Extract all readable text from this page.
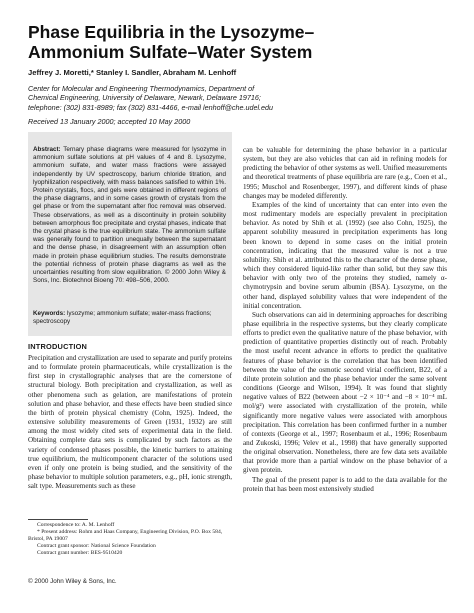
Phase Equilibria in the Lysozyme–
Ammonium Sulfate–Water System
Jeffrey J. Moretti,* Stanley I. Sandler, Abraham M. Lenhoff
Center for Molecular and Engineering Thermodynamics, Department of
Chemical Engineering, University of Delaware, Newark, Delaware 19716;
telephone: (302) 831-8989; fax (302) 831-4466, e-mail lenhoff@che.udel.edu
Received 13 January 2000; accepted 10 May 2000
Abstract: Ternary phase diagrams were measured for lysozyme in ammonium sulfate solutions at pH values of 4 and 8. Lysozyme, ammonium sulfate, and water mass fractions were assayed independently by UV spectroscopy, barium chloride titration, and lyophilization respectively, with mass balances satisfied to within 1%. Protein crystals, flocs, and gels were obtained in different regions of the phase diagrams, and in some cases growth of crystals from the gel phase or from the supernatant after floc removal was observed. These observations, as well as a discontinuity in protein solubility between amorphous floc precipitate and crystal phases, indicate that the crystal phase is the true equilibrium state. The ammonium sulfate was generally found to partition unequally between the supernatant and the dense phase, in disagreement with an assumption often made in protein phase equilibrium studies. The results demonstrate the potential richness of protein phase diagrams as well as the uncertainties resulting from slow equilibration. © 2000 John Wiley & Sons, Inc. Biotechnol Bioeng 70: 498–506, 2000.
Keywords: lysozyme; ammonium sulfate; water-mass fractions; spectroscopy
INTRODUCTION

Precipitation and crystallization are used to separate and purify proteins and to formulate protein pharmaceuticals, while crystallization is the first step in crystallographic analyses that are the cornerstone of structural biology. Both precipitation and crystallization, as well as other phenomena such as gelation, are manifestations of protein solution and phase behavior, and these effects have been studied since the birth of protein physical chemistry (Cohn, 1925). Indeed, the extensive solubility measurements of Green (1931, 1932) are still among the most widely cited sets of experimental data in the field. Obtaining complete data sets is complicated by such factors as the variety of condensed phases possible, the kinetic barriers to attaining true equilibrium, the multicomponent character of the solutions used even if only one protein is being studied, and the sensitivity of the phase behavior to multiple solution parameters, e.g., pH, ionic strength, salt type. Measurements such as these

Correspondence to: A. M. Lenhoff
* Present address: Rohm and Haas Company, Engineering Division, P.O. Box 584, Bristol, PA 19007
Contract grant sponsor: National Science Foundation
Contract grant number: BES-9510420
© 2000 John Wiley & Sons, Inc.

can be valuable for determining the phase behavior in a particular system, but they are also vehicles that can aid in refining models for predicting the behavior of other systems as well. Unified measurements and theoretical treatments of phase equilibria are rare (e.g., Coen et al., 1995; Muschol and Rosenberger, 1997), and different kinds of phase changes may be modeled differently.

Examples of the kind of uncertainty that can enter into even the most rudimentary models are especially prevalent in precipitation behavior. As noted by Shih et al. (1992) (see also Cohn, 1925), the apparent solubility measured in precipitation experiments has long been known to depend in some cases on the initial protein concentration, indicating that the measured value is not a true solubility. Shih et al. attributed this to the character of the dense phase, which they considered liquid-like rather than solid, but they saw this behavior with only two of the proteins they studied, namely α-chymotrypsin and bovine serum albumin (BSA). Lysozyme, on the other hand, displayed solubility values that were independent of the initial concentration.

Such observations can aid in determining approaches for describing phase equilibria in the respective systems, but they clearly complicate efforts to predict even the qualitative nature of the phase behavior, with prediction of quantitative properties distinctly out of reach. Probably the most useful recent advance in efforts to predict the qualitative features of phase behavior is the correlation that has been identified between the value of the osmotic second virial coefficient, B22, of a dilute protein solution and the phase behavior under the same solvent conditions (George and Wilson, 1994). It was found that slightly negative values of B22 (between about −2 × 10⁻⁴ and −8 × 10⁻⁴ mL mol/g²) were associated with crystallization of the protein, while significantly more negative values were associated with amorphous precipitation. This correlation has been confirmed further in a number of contexts (George et al., 1997; Rosenbaum et al., 1996; Rosenbaum and Zukoski, 1996; Velev et al., 1998) that have generally supported the original observation. Nonetheless, there are few data sets available that provide more than a partial window on the phase behavior of a given protein.

The goal of the present paper is to add to the data available for the protein that has been most extensively studied
